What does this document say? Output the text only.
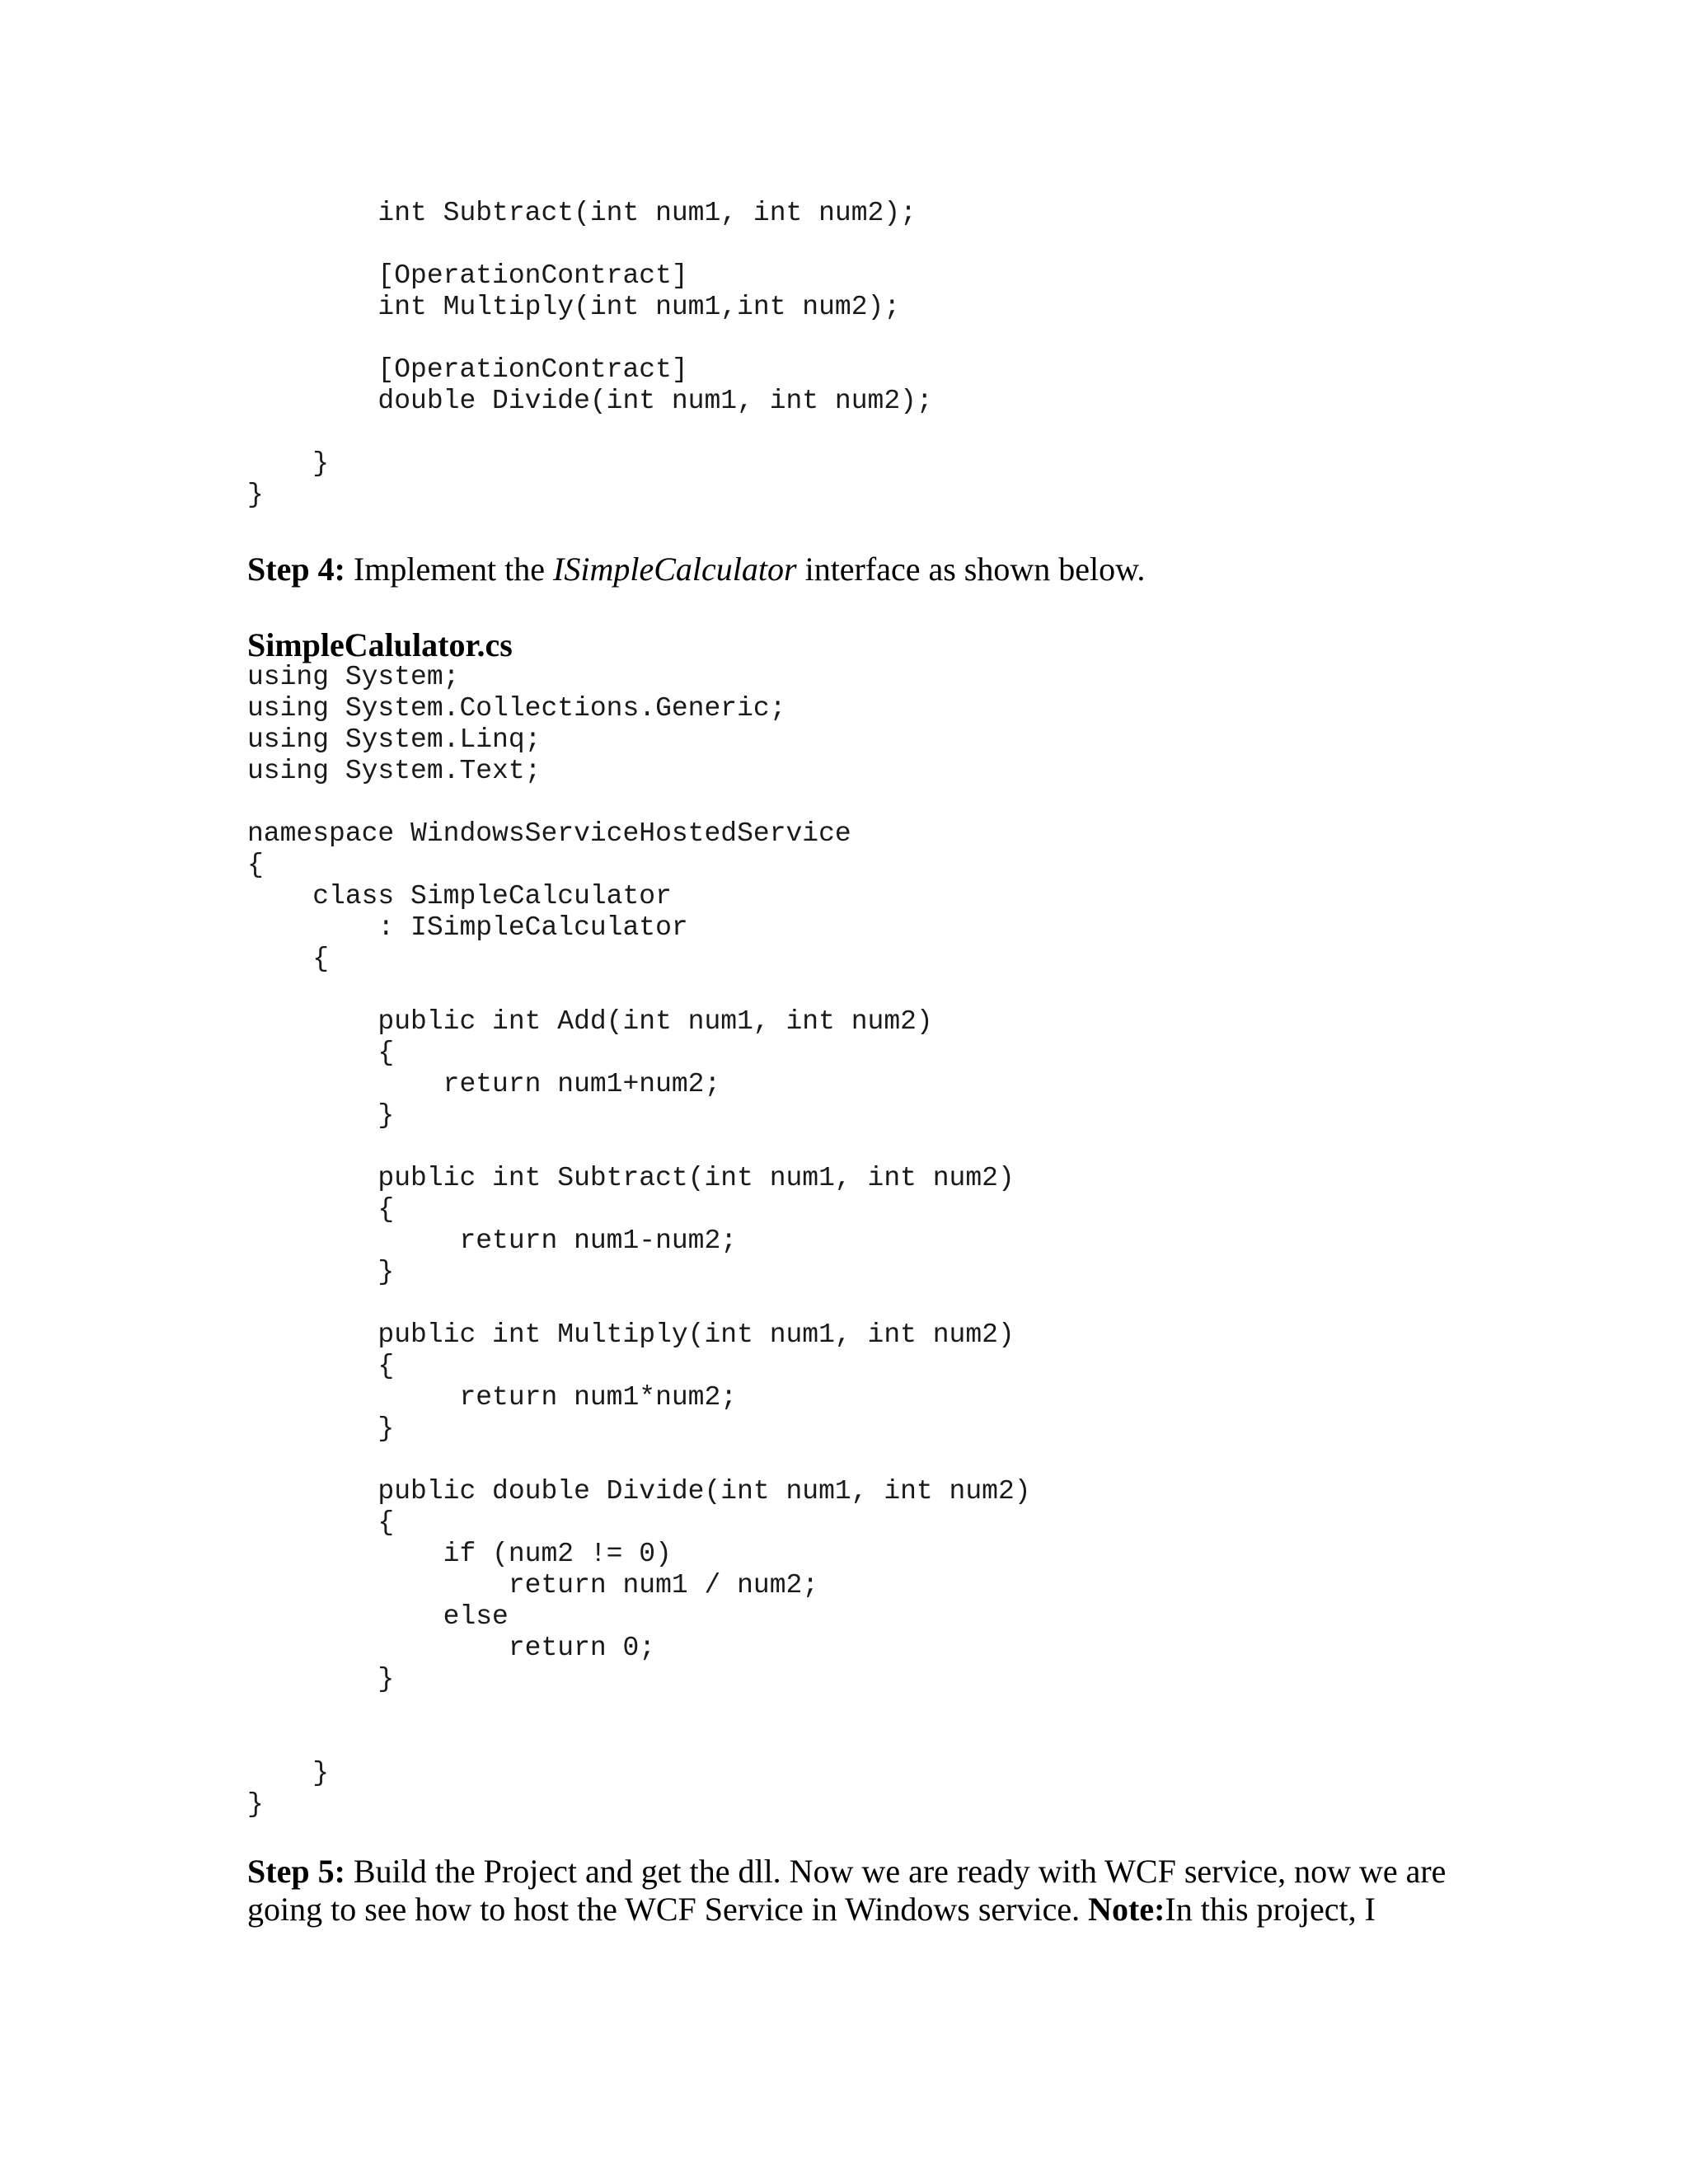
int Subtract(int num1, int num2);
[OperationContract]
int Multiply(int num1,int num2);
[OperationContract]
double Divide(int num1, int num2);
}
}

Step 4: Implement the ISimpleCalculator interface as shown below.

SimpleCalulator.cs

using System;
using System.Collections.Generic;
using System.Linq;
using System.Text;
namespace WindowsServiceHostedService
{
class SimpleCalculator
: ISimpleCalculator
{
public int Add(int num1, int num2)
{
return num1+num2;
}
public int Subtract(int num1, int num2)
{
return num1-num2;
}
public int Multiply(int num1, int num2)
{
return num1*num2;
}
public double Divide(int num1, int num2)
{
if (num2 != 0)
return num1 / num2;
else
return 0;
}
}
}

Step 5: Build the Project and get the dll. Now we are ready with WCF service, now we are going to see how to host the WCF Service in Windows service. Note:In this project, I
